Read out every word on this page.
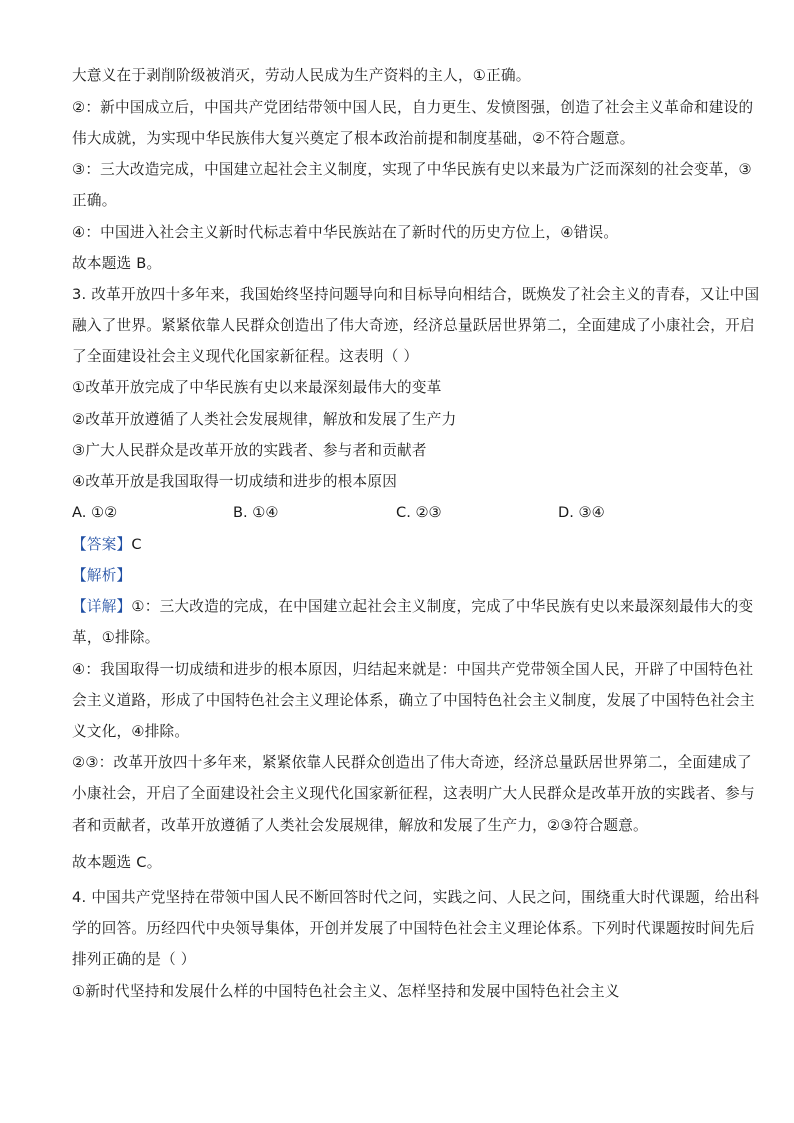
大意义在于剥削阶级被消灭，劳动人民成为生产资料的主人，①正确。
②：新中国成立后，中国共产党团结带领中国人民，自力更生、发愤图强，创造了社会主义革命和建设的
伟大成就，为实现中华民族伟大复兴奠定了根本政治前提和制度基础，②不符合题意。
③：三大改造完成，中国建立起社会主义制度，实现了中华民族有史以来最为广泛而深刻的社会变革，③
正确。
④：中国进入社会主义新时代标志着中华民族站在了新时代的历史方位上，④错误。
故本题选 B。
3. 改革开放四十多年来，我国始终坚持问题导向和目标导向相结合，既焕发了社会主义的青春，又让中国
融入了世界。紧紧依靠人民群众创造出了伟大奇迹，经济总量跃居世界第二，全面建成了小康社会，开启
了全面建设社会主义现代化国家新征程。这表明（ ）
①改革开放完成了中华民族有史以来最深刻最伟大的变革
②改革开放遵循了人类社会发展规律，解放和发展了生产力
③广大人民群众是改革开放的实践者、参与者和贡献者
④改革开放是我国取得一切成绩和进步的根本原因
A. ①②	B. ①④	C. ②③	D. ③④
【答案】C
【解析】
【详解】①：三大改造的完成，在中国建立起社会主义制度，完成了中华民族有史以来最深刻最伟大的变
革，①排除。
④：我国取得一切成绩和进步的根本原因，归结起来就是：中国共产党带领全国人民，开辟了中国特色社
会主义道路，形成了中国特色社会主义理论体系，确立了中国特色社会主义制度，发展了中国特色社会主
义文化，④排除。
②③：改革开放四十多年来，紧紧依靠人民群众创造出了伟大奇迹，经济总量跃居世界第二，全面建成了
小康社会，开启了全面建设社会主义现代化国家新征程，这表明广大人民群众是改革开放的实践者、参与
者和贡献者，改革开放遵循了人类社会发展规律，解放和发展了生产力，②③符合题意。
故本题选 C。
4. 中国共产党坚持在带领中国人民不断回答时代之问，实践之问、人民之问，围绕重大时代课题，给出科
学的回答。历经四代中央领导集体，开创并发展了中国特色社会主义理论体系。下列时代课题按时间先后
排列正确的是（ ）
①新时代坚持和发展什么样的中国特色社会主义、怎样坚持和发展中国特色社会主义
